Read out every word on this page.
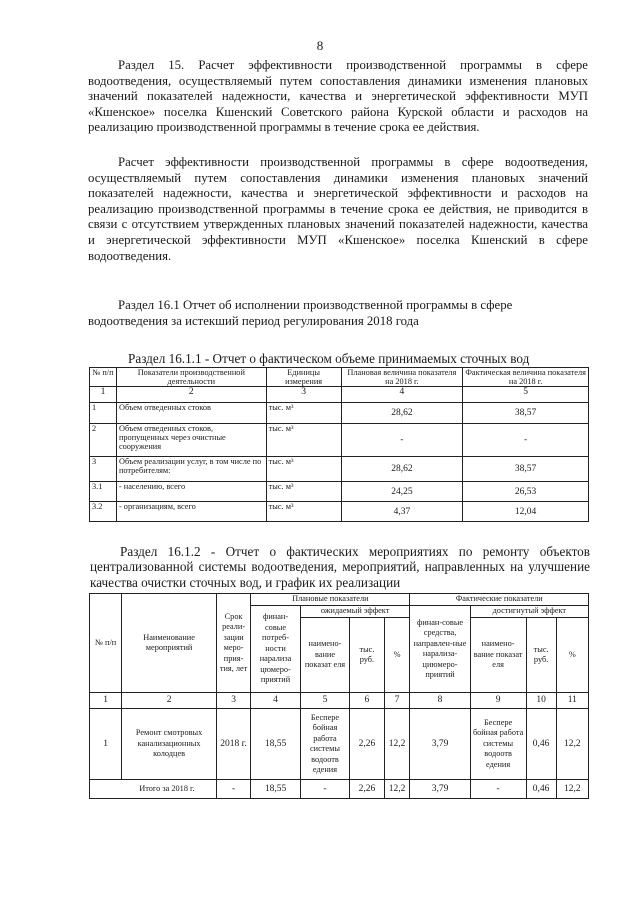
8

Раздел 15. Расчет эффективности производственной программы в сфере водоотведения, осуществляемый путем сопоставления динамики изменения плановых значений показателей надежности, качества и энергетической эффективности МУП «Кшенское» поселка Кшенский Советского района Курской области и расходов на реализацию производственной программы в течение срока ее действия.

Расчет эффективности производственной программы в сфере водоотведения, осуществляемый путем сопоставления динамики изменения плановых значений показателей надежности, качества и энергетической эффективности и расходов на реализацию производственной программы в течение срока ее действия, не приводится в связи с отсутствием утвержденных плановых значений показателей надежности, качества и энергетической эффективности МУП «Кшенское» поселка Кшенский в сфере водоотведения.

Раздел 16.1 Отчет об исполнении производственной программы в сфере
водоотведения за истекший период регулирования 2018 года

Раздел 16.1.1 - Отчет о фактическом объеме принимаемых сточных вод
№ п/п	Показатели производственной деятельности	Единицы измерения	Плановая величина показателя на 2018 г.	Фактическая величина показателя на 2018 г.
1	2	3	4	5
1	Объем отведенных стоков	тыс. м³	28,62	38,57
2	Объем отведенных стоков, пропущенных через очистные сооружения	тыс. м³	-	-
3	Объем реализации услуг, в том числе по потребителям:	тыс. м³	28,62	38,57
3.1	- населению, всего	тыс. м³	24,25	26,53
3.2	- организациям, всего	тыс. м³	4,37	12,04

Раздел 16.1.2 - Отчет о фактических мероприятиях по ремонту объектов централизованной системы водоотведения, мероприятий, направленных на улучшение качества очистки сточных вод, и график их реализации

№ п/п	Наименование мероприятий	Срок реали-зации меро-прия-тия, лет	Плановые показатели				Фактические показатели			
			финан-совые потреб-ности нарализа цюмеро-приятий	ожидаемый эффект			финан-совые средства, направлен-ные нарализа-циюмеро-приятий	достигнутый эффект		
				наимено-вание показат еля	тыс. руб.	%		наимено-вание показат еля	тыс. руб.	%
1	2	3	4	5	6	7	8	9	10	11
1	Ремонт смотровых канализационных колодцев	2018 г.	18,55	Беспере бойная работа системы водоотв едения	2,26	12,2	3,79	Беспере бойная работа системы водоотв едения	0,46	12,2
Итого за 2018 г.		-	18,55	-	2,26	12,2	3,79	-	0,46	12,2
